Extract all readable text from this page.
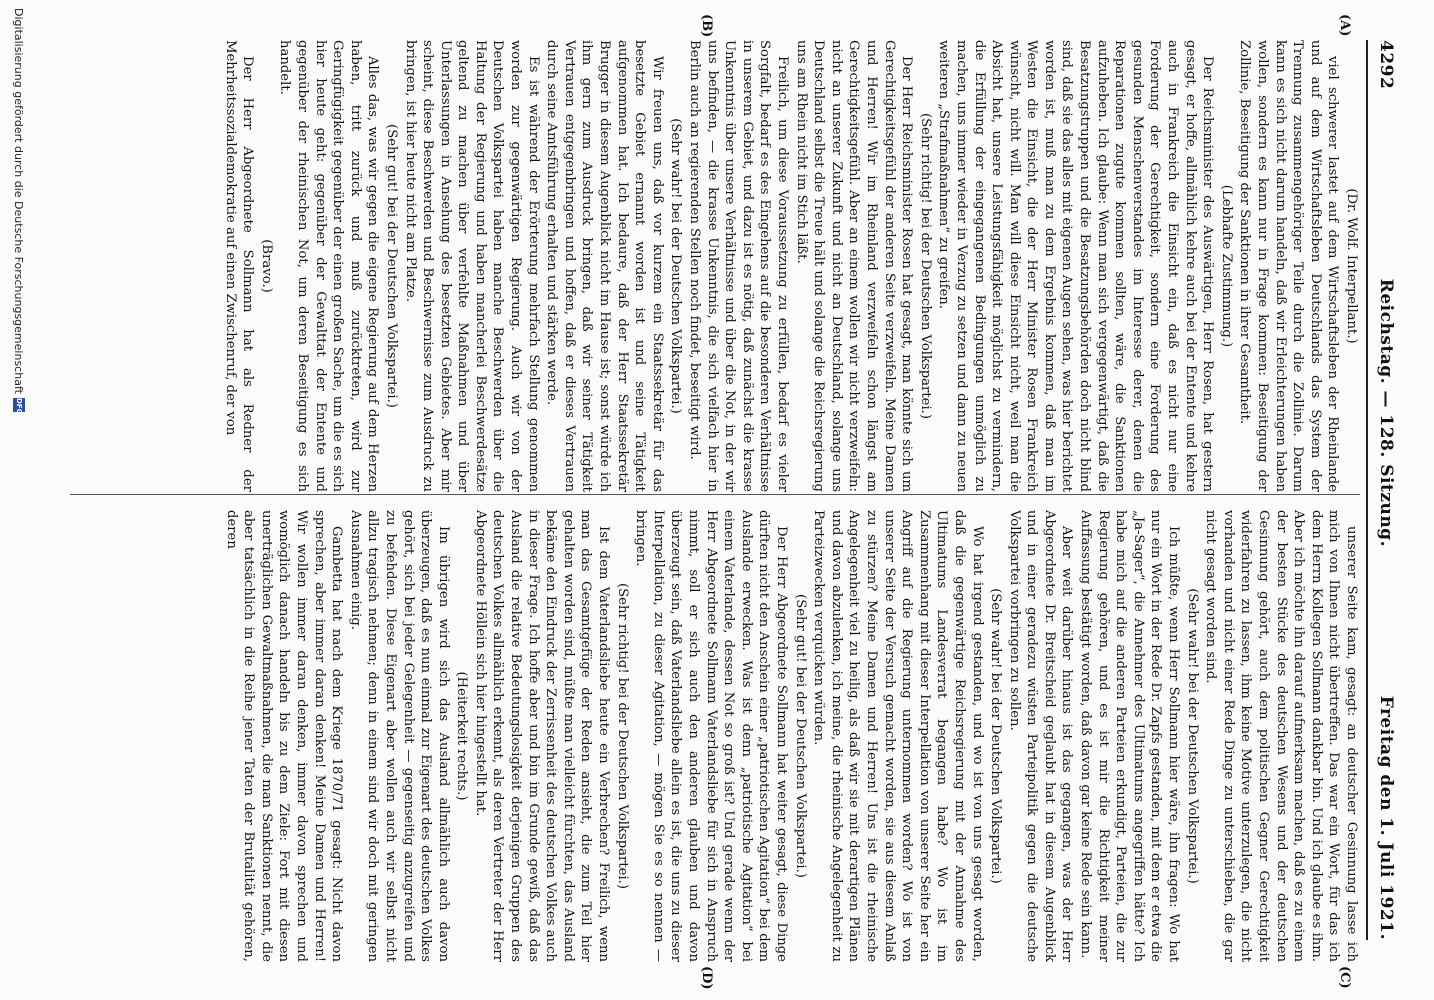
4292
Reichstag. — 128. Sitzung.
Freitag den 1. Juli 1921.
(A)
(B)
(C)
(D)

(Dr. Wolf. Interpellant.)

viel schwerer lastet auf dem Wirtschaftsleben der Rheinlande und auf dem Wirtschaftsleben Deutschlands das System der Trennung zusammengehöriger Teile durch die Zollinie. Darum kann es sich nicht darum handeln, daß wir Erleichterungen haben wollen, sondern es kann nur in Frage kommen: Beseitigung der Zollinie, Beseitigung der Sanktionen in ihrer Gesamtheit.

(Lebhafte Zustimmung.)

Der Reichsminister des Auswärtigen, Herr Rosen, hat gestern gesagt, er hoffe, allmählich kehre auch bei der Entente und kehre auch in Frankreich die Einsicht ein, daß es nicht nur eine Forderung der Gerechtigkeit, sondern eine Forderung des gesunden Menschenverstandes im Interesse derer, denen die Reparationen zugute kommen sollten, wäre, die Sanktionen aufzuheben. Ich glaube: Wenn man sich vergegenwärtigt, daß die Besatzungstruppen und die Besatzungsbehörden doch nicht blind sind, daß sie das alles mit eigenen Augen sehen, was hier berichtet worden ist, muß man zu dem Ergebnis kommen, daß man im Westen die Einsicht, die der Herr Minister Rosen Frankreich wünscht, nicht will. Man will diese Einsicht nicht, weil man die Absicht hat, unsere Leistungsfähigkeit möglichst zu vermindern, die Erfüllung der eingegangenen Bedingungen unmöglich zu machen, uns immer wieder in Verzug zu setzen und dann zu neuen weiteren „Strafmaßnahmen“ zu greifen.

(Sehr richtig! bei der Deutschen Volkspartei.)

Der Herr Reichsminister Rosen hat gesagt, man könnte sich um Gerechtigkeitsgefühl der anderen Seite verzweifeln. Meine Damen und Herren! Wir im Rheinland verzweifeln schon längst am Gerechtigkeitsgefühl. Aber an einem wollen wir nicht verzweifeln: nicht an unserer Zukunft und nicht an Deutschland, solange uns Deutschland selbst die Treue hält und solange die Reichsregierung uns am Rhein nicht im Stich läßt.

Freilich, um diese Voraussetzung zu erfüllen, bedarf es vieler Sorgfalt, bedarf es des Eingehens auf die besonderen Verhältnisse in unserem Gebiet, und dazu ist es nötig, daß zunächst die krasse Unkenntnis über unsere Verhältnisse und über die Not, in der wir uns befinden, — die krasse Unkenntnis, die sich vielfach hier in Berlin auch an regierenden Stellen noch findet, beseitigt wird.

(Sehr wahr! bei der Deutschen Volkspartei.)

Wir freuen uns, daß vor kurzem ein Staatssekretär für das besetzte Gebiet ernannt worden ist und seine Tätigkeit aufgenommen hat. Ich bedaure, daß der Herr Staatssekretär Brugger in diesem Augenblick nicht im Hause ist; sonst würde ich ihm gern zum Ausdruck bringen, daß wir seiner Tätigkeit Vertrauen entgegenbringen und hoffen, daß er dieses Vertrauen durch seine Amtsführung erhalten und stärken werde.

Es ist während der Erörterung mehrfach Stellung genommen worden zur gegenwärtigen Regierung. Auch wir von der Deutschen Volkspartei haben manche Beschwerden über die Haltung der Regierung und haben mancherlei Beschwerdesätze geltend zu machen über verfehlte Maßnahmen und über Unterlassungen in Ansehung des besetzten Gebietes. Aber mir scheint, diese Beschwerden und Beschwernisse zum Ausdruck zu bringen, ist hier heute nicht am Platze.

(Sehr gut! bei der Deutschen Volkspartei.)

Alles das, was wir gegen die eigene Regierung auf dem Herzen haben, tritt zurück und muß zurücktreten, wird zur Geringfügigkeit gegenüber der einen großen Sache, um die es sich hier heute geht: gegenüber der Gewalttat der Entente und gegenüber der rheinischen Not, um deren Beseitigung es sich handelt.

(Bravo.)

Der Herr Abgeordnete Sollmann hat als Redner der Mehrheitssozialdemokratie auf einen Zwischenruf, der von

unserer Seite kam, gesagt: an deutscher Gesinnung lasse ich mich von Ihnen nicht übertreffen. Das war ein Wort, für das ich dem Herrn Kollegen Sollmann dankbar bin. Und ich glaube es ihm. Aber ich möchte ihn darauf aufmerksam machen, daß es zu einem der besten Stücke des deutschen Wesens und der deutschen Gesinnung gehört, auch dem politischen Gegner Gerechtigkeit widerfahren zu lassen, ihm keine Motive unterzulegen, die nicht vorhanden und nicht einer Rede Dinge zu unterschieben, die gar nicht gesagt worden sind.

(Sehr wahr! bei der Deutschen Volkspartei.)

Ich müßte, wenn Herr Sollmann hier wäre, ihn fragen: Wo hat nur ein Wort in der Rede Dr. Zapfs gestanden, mit dem er etwa die „Ja-Sager“, die Annehmer des Ultimatums angegriffen hätte? Ich habe mich auf die anderen Parteien erkundigt, Parteien, die zur Regierung gehören, und es ist mir die Richtigkeit meiner Auffassung bestätigt worden, daß davon gar keine Rede sein kann.

Aber weit darüber hinaus ist das gegangen, was der Herr Abgeordnete Dr. Breitscheid geglaubt hat in diesem Augenblick und in einer geradezu wüsten Parteipolitik gegen die deutsche Volkspartei vorbringen zu sollen.

(Sehr wahr! bei der Deutschen Volkspartei.)

Wo hat irgend gestanden, und wo ist von uns gesagt worden, daß die gegenwärtige Reichsregierung mit der Annahme des Ultimatums Landesverrat begangen habe? Wo ist im Zusammenhang mit dieser Interpellation von unserer Seite her ein Angriff auf die Regierung unternommen worden? Wo ist von unserer Seite der Versuch gemacht worden, sie aus diesem Anlaß zu stürzen? Meine Damen und Herren! Uns ist die rheinische Angelegenheit viel zu heilig, als daß wir sie mit derartigen Plänen und davon abzulenken, ich meine, die rheinische Angelegenheit zu Parteizwecken verquicken würden.

(Sehr gut! bei der Deutschen Volkspartei.)

Der Herr Abgeordnete Sollmann hat weiter gesagt, diese Dinge dürften nicht den Anschein einer „patriotischen Agitation“ bei dem Auslande erwecken. Was ist denn „patriotische Agitation“ bei einem Vaterlande, dessen Not so groß ist? Und gerade wenn der Herr Abgeordnete Sollmann Vaterlandsliebe für sich in Anspruch nimmt, soll er sich auch den anderen glauben und davon überzeugt sein, daß Vaterlandsliebe allein es ist, die uns zu dieser Interpellation, zu dieser Agitation, — mögen Sie es so nennen — bringen.

(Sehr richtig! bei der Deutschen Volkspartei.)

Ist dem Vaterlandsliebe heute ein Verbrechen? Freilich, wenn man das Gesamtgefüge der Reden ansieht, die zum Teil hier gehalten worden sind, müßte man vielleicht fürchten, das Ausland bekäme den Eindruck der Zerrissenheit des deutschen Volkes auch in dieser Frage. Ich hoffe aber und bin im Grunde gewiß, daß das Ausland die relative Bedeutungslosigkeit derjenigen Gruppen des deutschen Volkes allmählich erkennt, als deren Vertreter der Herr Abgeordnete Höllein sich hier hingestellt hat.

(Heiterkeit rechts.)

Im übrigen wird sich das Ausland allmählich auch davon überzeugen, daß es nun einmal zur Eigenart des deutschen Volkes gehört, sich bei jeder Gelegenheit — gegenseitig anzugreifen und zu befehden. Diese Eigenart aber wollen auch wir selbst nicht allzu tragisch nehmen; denn in einem sind wir doch mit geringen Ausnahmen einig.

Gambetta hat nach dem Kriege 1870/71 gesagt: Nicht davon sprechen, aber immer daran denken! Meine Damen und Herren! Wir wollen immer daran denken, immer davon sprechen und womöglich danach handeln bis zu dem Ziele: Fort mit diesen unerträglichen Gewaltmaßnahmen, die man Sanktionen nennt, die aber tatsächlich in die Reihe jener Taten der Brutalität gehören, deren

Digitalisierung gefördert durch die Deutsche Forschungsgemeinschaft
DFG
